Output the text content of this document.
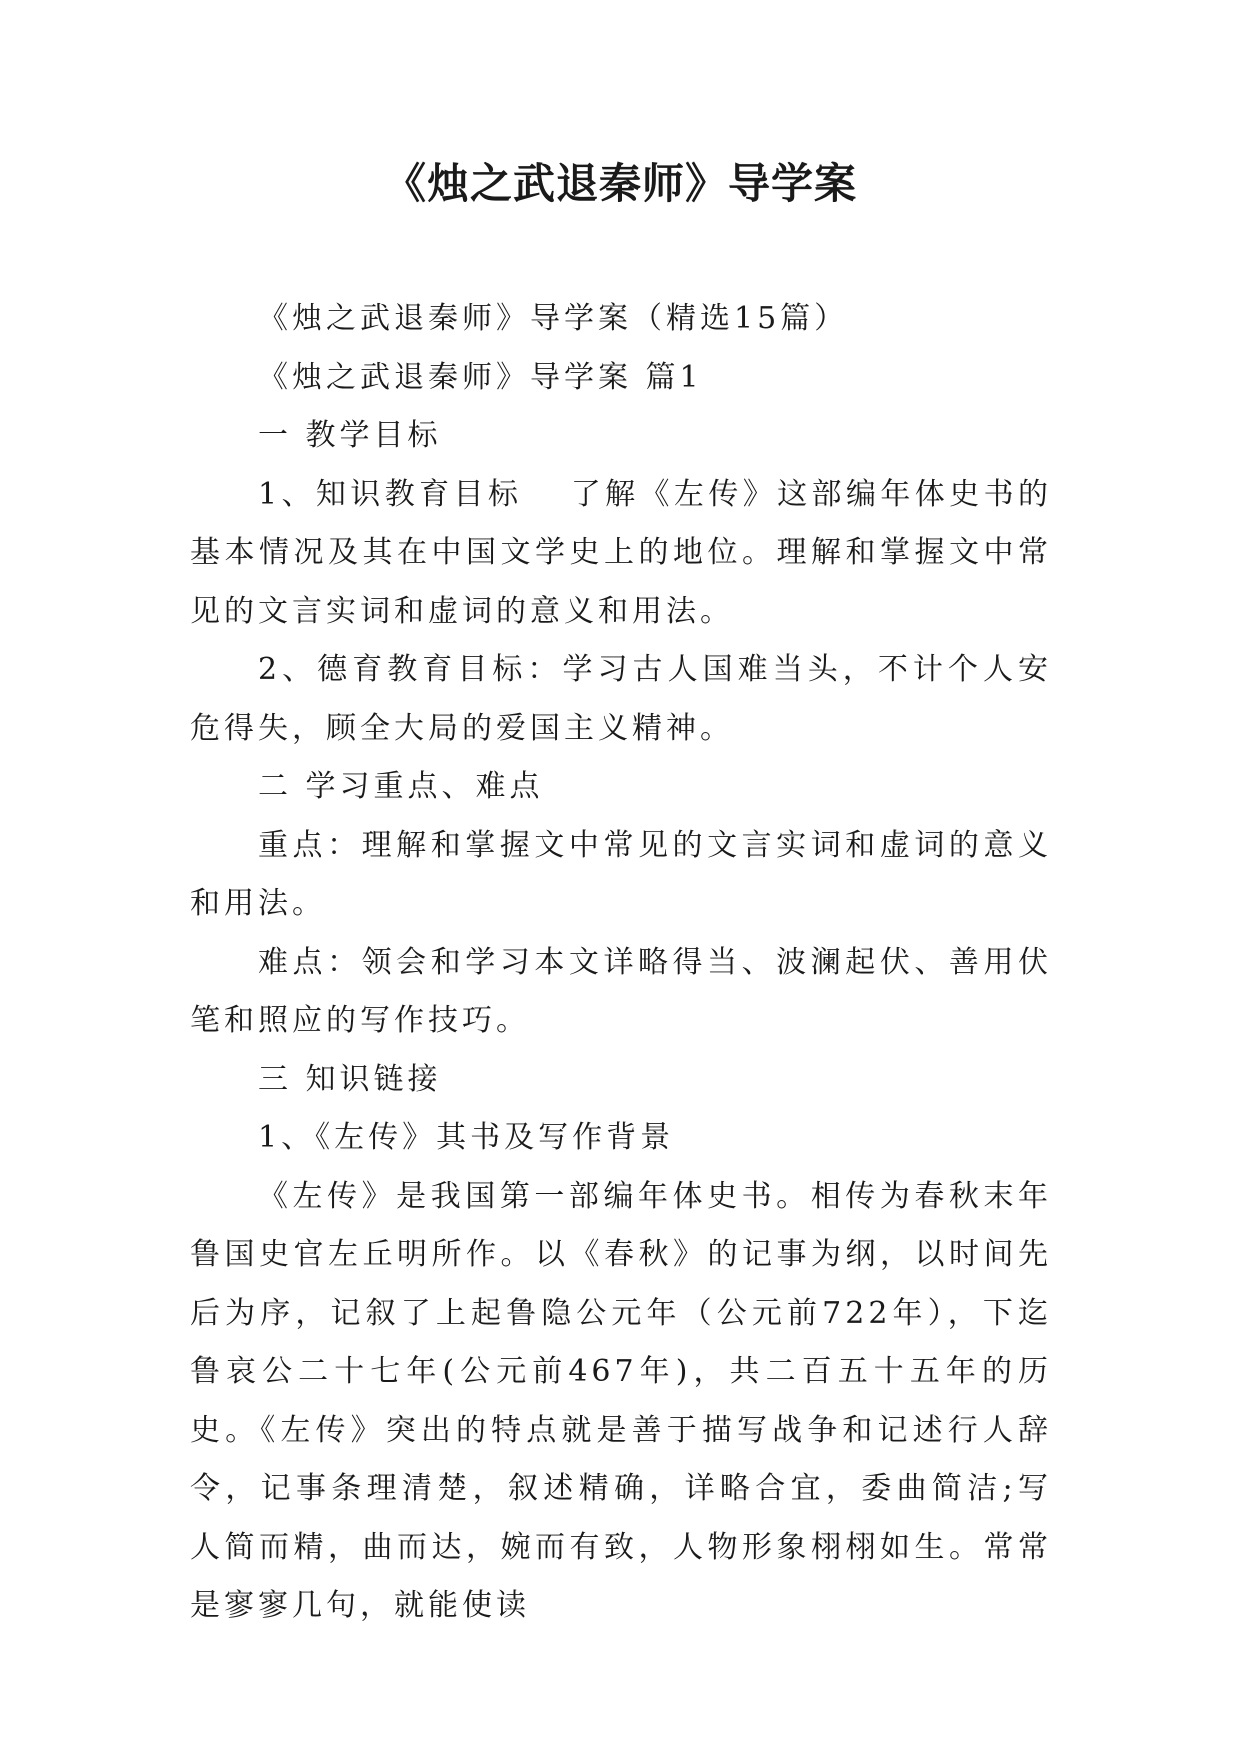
《烛之武退秦师》导学案

《烛之武退秦师》导学案（精选15篇）

《烛之武退秦师》导学案 篇1

一 教学目标

1、知识教育目标　 了解《左传》这部编年体史书的基本情况及其在中国文学史上的地位。理解和掌握文中常见的文言实词和虚词的意义和用法。

2、德育教育目标：学习古人国难当头，不计个人安危得失，顾全大局的爱国主义精神。

二 学习重点、难点

重点：理解和掌握文中常见的文言实词和虚词的意义和用法。

难点：领会和学习本文详略得当、波澜起伏、善用伏笔和照应的写作技巧。

三 知识链接

1、《左传》其书及写作背景

《左传》是我国第一部编年体史书。相传为春秋末年鲁国史官左丘明所作。以《春秋》的记事为纲，以时间先后为序，记叙了上起鲁隐公元年（公元前722年），下迄鲁哀公二十七年(公元前467年)，共二百五十五年的历史。《左传》突出的特点就是善于描写战争和记述行人辞令，记事条理清楚，叙述精确，详略合宜，委曲简洁;写人简而精，曲而达，婉而有致，人物形象栩栩如生。常常是寥寥几句，就能使读
